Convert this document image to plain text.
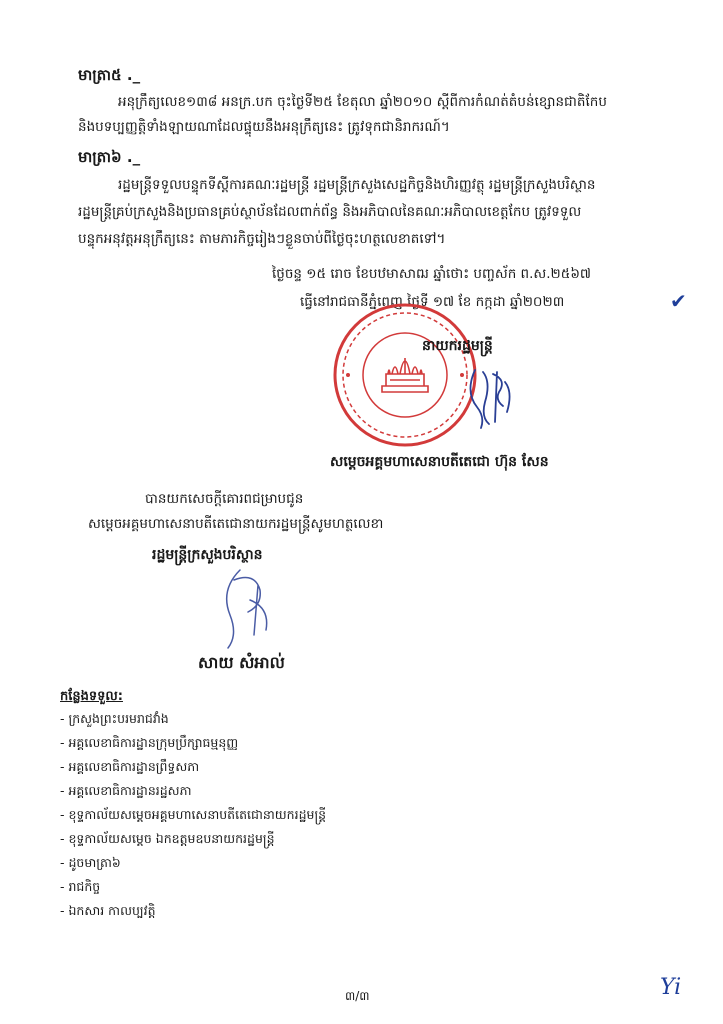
មាត្រា៥ ._
អនុក្រឹត្យលេខ១៣៨ អនក្រ.បក ចុះថ្ងៃទី២៥ ខែតុលា ឆ្នាំ២០១០ ស្តីពីការកំណត់តំបន់ខ្សោនជាតិកែប
និងបទប្បញ្ញត្តិទាំងឡាយណាដែលផ្ទុយនឹងអនុក្រឹត្យនេះ ត្រូវទុកជានិរាករណ៍។
មាត្រា៦ ._
រដ្ឋមន្ត្រីទទួលបន្ទុកទីស្តីការគណៈរដ្ឋមន្ត្រី រដ្ឋមន្ត្រីក្រសួងសេដ្ឋកិច្ចនិងហិរញ្ញវត្ថុ រដ្ឋមន្ត្រីក្រសួងបរិស្ថាន
រដ្ឋមន្ត្រីគ្រប់ក្រសួងនិងប្រធានគ្រប់ស្ថាប័នដែលពាក់ព័ន្ធ និងអភិបាលនៃគណៈអភិបាលខេត្តកែប ត្រូវទទួល
បន្ទុកអនុវត្តអនុក្រឹត្យនេះ តាមភារកិច្ចរៀងៗខ្លួនចាប់ពីថ្ងៃចុះហត្ថលេខាតទៅ។
ថ្ងៃចន្ទ ១៥ រោច ខែបឋមាសាឍ ឆ្នាំថោះ បញ្ចស័ក ព.ស.២៥៦៧
ធ្វើនៅរាជធានីភ្នំពេញ ថ្ងៃទី ១៧ ខែ កក្កដា ឆ្នាំ២០២៣	✔
នាយករដ្ឋមន្ត្រី
សម្តេចអគ្គមហាសេនាបតីតេជោ ហ៊ុន សែន
បានយកសេចក្តីគោរពជម្រាបជូន
សម្តេចអគ្គមហាសេនាបតីតេជោនាយករដ្ឋមន្ត្រីសូមហត្ថលេខា
រដ្ឋមន្ត្រីក្រសួងបរិស្ថាន
សាយ សំអាល់
កន្លែងទទួល:
- ក្រសួងព្រះបរមរាជវាំង
- អគ្គលេខាធិការដ្ឋានក្រុមប្រឹក្សាធម្មនុញ្ញ
- អគ្គលេខាធិការដ្ឋានព្រឹទ្ធសភា
- អគ្គលេខាធិការដ្ឋានរដ្ឋសភា
- ខុទ្ទកាល័យសម្តេចអគ្គមហាសេនាបតីតេជោនាយករដ្ឋមន្ត្រី
- ខុទ្ទកាល័យសម្តេច ឯកឧត្តមឧបនាយករដ្ឋមន្ត្រី
- ដូចមាត្រា៦
- រាជកិច្ច
- ឯកសារ កាលប្បវត្តិ
៣/៣	Yi
